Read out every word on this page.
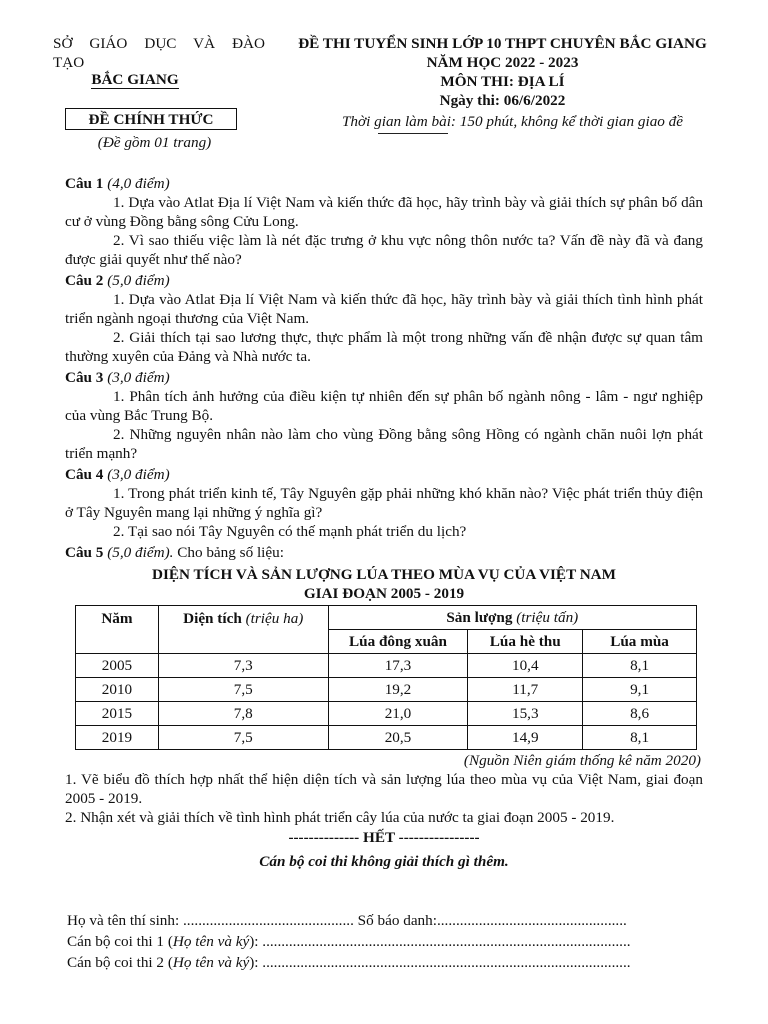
SỞ GIÁO DỤC VÀ ĐÀO
TẠO
BẮC GIANG
ĐỀ CHÍNH THỨC
(Đề gồm 01 trang)
ĐỀ THI TUYỂN SINH LỚP 10 THPT CHUYÊN BẮC GIANG
NĂM HỌC 2022 - 2023
MÔN THI: ĐỊA LÍ
Ngày thi: 06/6/2022
Thời gian làm bài: 150 phút, không kể thời gian giao đề
Câu 1 (4,0 điểm)
1. Dựa vào Atlat Địa lí Việt Nam và kiến thức đã học, hãy trình bày và giải thích sự phân bố dân cư ở vùng Đồng bằng sông Cửu Long.
2. Vì sao thiếu việc làm là nét đặc trưng ở khu vực nông thôn nước ta? Vấn đề này đã và đang được giải quyết như thế nào?
Câu 2 (5,0 điểm)
1. Dựa vào Atlat Địa lí Việt Nam và kiến thức đã học, hãy trình bày và giải thích tình hình phát triển ngành ngoại thương của Việt Nam.
2. Giải thích tại sao lương thực, thực phẩm là một trong những vấn đề nhận được sự quan tâm thường xuyên của Đảng và Nhà nước ta.
Câu 3 (3,0 điểm)
1. Phân tích ảnh hưởng của điều kiện tự nhiên đến sự phân bố ngành nông - lâm - ngư nghiệp của vùng Bắc Trung Bộ.
2. Những nguyên nhân nào làm cho vùng Đồng bằng sông Hồng có ngành chăn nuôi lợn phát triển mạnh?
Câu 4 (3,0 điểm)
1. Trong phát triển kinh tế, Tây Nguyên gặp phải những khó khăn nào? Việc phát triển thủy điện ở Tây Nguyên mang lại những ý nghĩa gì?
2. Tại sao nói Tây Nguyên có thế mạnh phát triển du lịch?
Câu 5 (5,0 điểm). Cho bảng số liệu:
DIỆN TÍCH VÀ SẢN LƯỢNG LÚA THEO MÙA VỤ CỦA VIỆT NAM
GIAI ĐOẠN 2005 - 2019
Năm	Diện tích (triệu ha)	Sản lượng (triệu tấn)		
		Lúa đông xuân	Lúa hè thu	Lúa mùa
2005	7,3	17,3	10,4	8,1
2010	7,5	19,2	11,7	9,1
2015	7,8	21,0	15,3	8,6
2019	7,5	20,5	14,9	8,1
(Nguồn Niên giám thống kê năm 2020)
1. Vẽ biểu đồ thích hợp nhất thể hiện diện tích và sản lượng lúa theo mùa vụ của Việt Nam, giai đoạn 2005 - 2019.
2. Nhận xét và giải thích về tình hình phát triển cây lúa của nước ta giai đoạn 2005 - 2019.
-------------- HẾT ----------------
Cán bộ coi thi không giải thích gì thêm.
Họ và tên thí sinh: ............................................. Số báo danh:..................................................
Cán bộ coi thi 1 (Họ tên và ký): .................................................................................................
Cán bộ coi thi 2 (Họ tên và ký): .................................................................................................
